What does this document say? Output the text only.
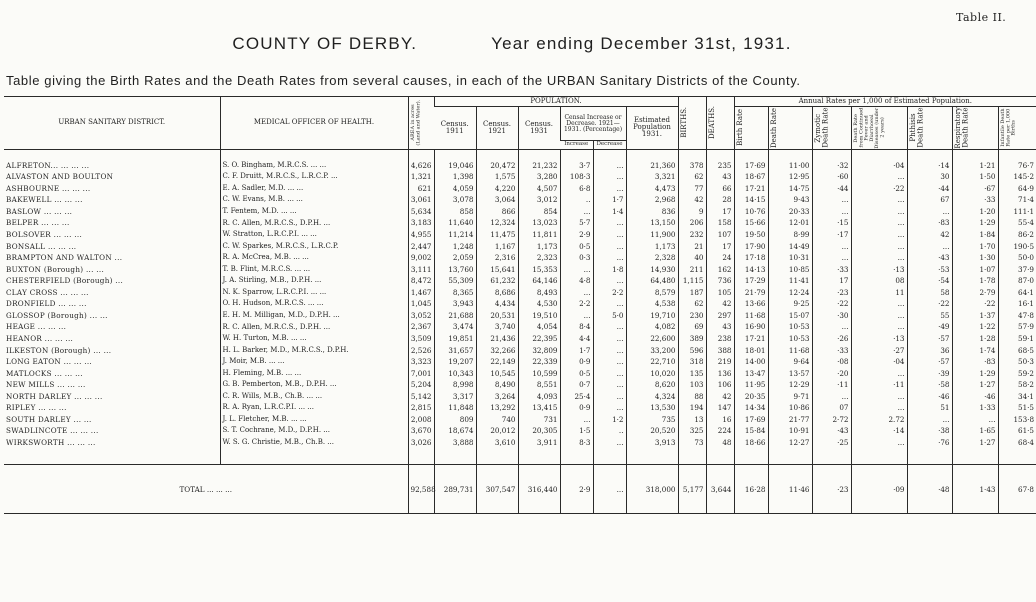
Table II.
COUNTY OF DERBY.	Year ending December 31st, 1931.
Table giving the Birth Rates and the Death Rates from several causes, in each of the URBAN Sanitary Districts of the County.
URBAN SANITARY DISTRICT.	MEDICAL OFFICER OF HEALTH.	AREA in acres (Land and Water).	POPULATION.						BIRTHS.	DEATHS.	Annual Rates per 1,000 of Estimated Population.						
			Census. 1911	Census. 1921	Census. 1931	Censal Increase or Decrease. 1921—1931. (Percentage)		Estimated Population 1931.			Birth Rate	Death Rate	Zymotic Death Rate	Death Rate from Continued Fever and Diarrhoeal Diseases (under 2 years)	Phthisis Death Rate	Respiratory Death Rate	Infantile Death Rate per 1,000 Births

						Increase	Decrease										

ALFRETON... ... ... ...	S. O. Bingham, M.R.C.S. ... ...	4,626	19,046	20,472	21,232	3·7	...	21,360	378	235	17·69	11·00	·32	·04	·14	1·21	76·7
ALVASTON AND BOULTON	C. F. Druitt, M.R.C.S., L.R.C.P. ...	1,321	1,398	1,575	3,280	108·3	...	3,321	62	43	18·67	12·95	·60	...	30	1·50	145·2
ASHBOURNE ... ... ...	E. A. Sadler, M.D. ... ...	621	4,059	4,220	4,507	6·8	...	4,473	77	66	17·21	14·75	·44	·22	·44	·67	64·9
BAKEWELL ... ... ...	C. W. Evans, M.B. ... ...	3,061	3,078	3,064	3,012	..	1·7	2,968	42	28	14·15	9·43	...	...	67	·33	71·4
BASLOW ... ... ...	T. Fentem, M.D. ... ...	5,634	858	866	854	...	1·4	836	9	17	10·76	20·33	...	...	...	1·20	111·1
BELPER ... ... ...	R. C. Allen, M.R.C.S., D.P.H. ...	3,183	11,640	12,324	13,023	5·7	...	13,150	206	158	15·66	12·01	·15	...	·83	1·29	55·4
BOLSOVER ... ... ...	W. Stratton, L.R.C.P.I. ... ...	4,955	11,214	11,475	11,811	2·9	...	11,900	232	107	19·50	8·99	·17	...	42	1·84	86·2
BONSALL ... ... ...	C. W. Sparkes, M.R.C.S., L.R.C.P.	2,447	1,248	1,167	1,173	0·5	...	1,173	21	17	17·90	14·49	...	...	...	1·70	190·5
BRAMPTON AND WALTON ...	R. A. McCrea, M.B. ... ...	9,002	2,059	2,316	2,323	0·3	...	2,328	40	24	17·18	10·31	...	...	·43	1·30	50·0
BUXTON (Borough) ... ...	T. B. Flint, M.R.C.S. ... ...	3,111	13,760	15,641	15,353	...	1·8	14,930	211	162	14·13	10·85	·33	·13	·53	1·07	37·9
CHESTERFIELD (Borough) ...	J. A. Stirling, M.B., D.P.H. ...	8,472	55,309	61,232	64,146	4·8	...	64,480	1,115	736	17·29	11·41	17	08	·54	1·78	87·0
CLAY CROSS ... ... ...	N. K. Sparrow, L.R.C.P.I. ... ...	1,467	8,365	8,686	8,493	...	2·2	8,579	187	105	21·79	12·24	·23	11	58	2·79	64·1
DRONFIELD ... ... ...	O. H. Hudson, M.R.C.S. ... ...	1,045	3,943	4,434	4,530	2·2	...	4,538	62	42	13·66	9·25	·22	...	·22	·22	16·1
GLOSSOP (Borough) ... ...	E. H. M. Milligan, M.D., D.P.H. ...	3,052	21,688	20,531	19,510	...	5·0	19,710	230	297	11·68	15·07	·30	...	55	1·37	47·8
HEAGE ... ... ...	R. C. Allen, M.R.C.S., D.P.H. ...	2,367	3,474	3,740	4,054	8·4	...	4,082	69	43	16·90	10·53	...	...	·49	1·22	57·9
HEANOR ... ... ...	W. H. Turton, M.B. ... ...	3,509	19,851	21,436	22,395	4·4	...	22,600	389	238	17·21	10·53	·26	·13	·57	1·28	59·1
ILKESTON (Borough) ... ...	H. L. Barker, M.D., M.R.C.S., D.P.H.	2,526	31,657	32,266	32,809	1·7	...	33,200	596	388	18·01	11·68	·33	·27	36	1·74	68·5
LONG EATON ... ... ...	J. Moir, M.B. ... ...	3,323	19,207	22,149	22,339	0·9	...	22,710	318	219	14·00	9·64	·08	·04	·57	·83	50·3
MATLOCKS ... ... ...	H. Fleming, M.B. ... ...	7,001	10,343	10,545	10,599	0·5	...	10,020	135	136	13·47	13·57	·20	...	·39	1·29	59·2
NEW MILLS ... ... ...	G. B. Pemberton, M.B., D.P.H. ...	5,204	8,998	8,490	8,551	0·7	...	8,620	103	106	11·95	12·29	·11	·11	·58	1·27	58·2
NORTH DARLEY ... ... ...	C. R. Wills, M.B., Ch.B. ... ...	5,142	3,317	3,264	4,093	25·4	...	4,324	88	42	20·35	9·71	...	...	·46	·46	34·1
RIPLEY ... ... ...	R. A. Ryan, L.R.C.P.I. ... ...	2,815	11,848	13,292	13,415	0·9	...	13,530	194	147	14·34	10·86	07	...	51	1·33	51·5
SOUTH DARLEY ... ...	J. L. Fletcher, M.B. ... ...	2,008	809	740	731	...	1·2	735	13	16	17·69	21·77	2·72	2.72	...	...	153·8
SWADLINCOTE ... ... ...	S. T. Cochrane, M.D., D.P.H. ...	3,670	18,674	20,012	20,305	1·5	..	20,520	325	224	15·84	10·91	·43	·14	·38	1·65	61·5
WIRKSWORTH ... ... ...	W. S. G. Christie, M.B., Ch.B. ...	3,026	3,888	3,610	3,911	8·3	...	3,913	73	48	18·66	12·27	·25	...	·76	1·27	68·4

TOTAL ... ... ...		92,588	289,731	307,547	316,440	2·9	...	318,000	5,177	3,644	16·28	11·46	·23	·09	·48	1·43	67·8
